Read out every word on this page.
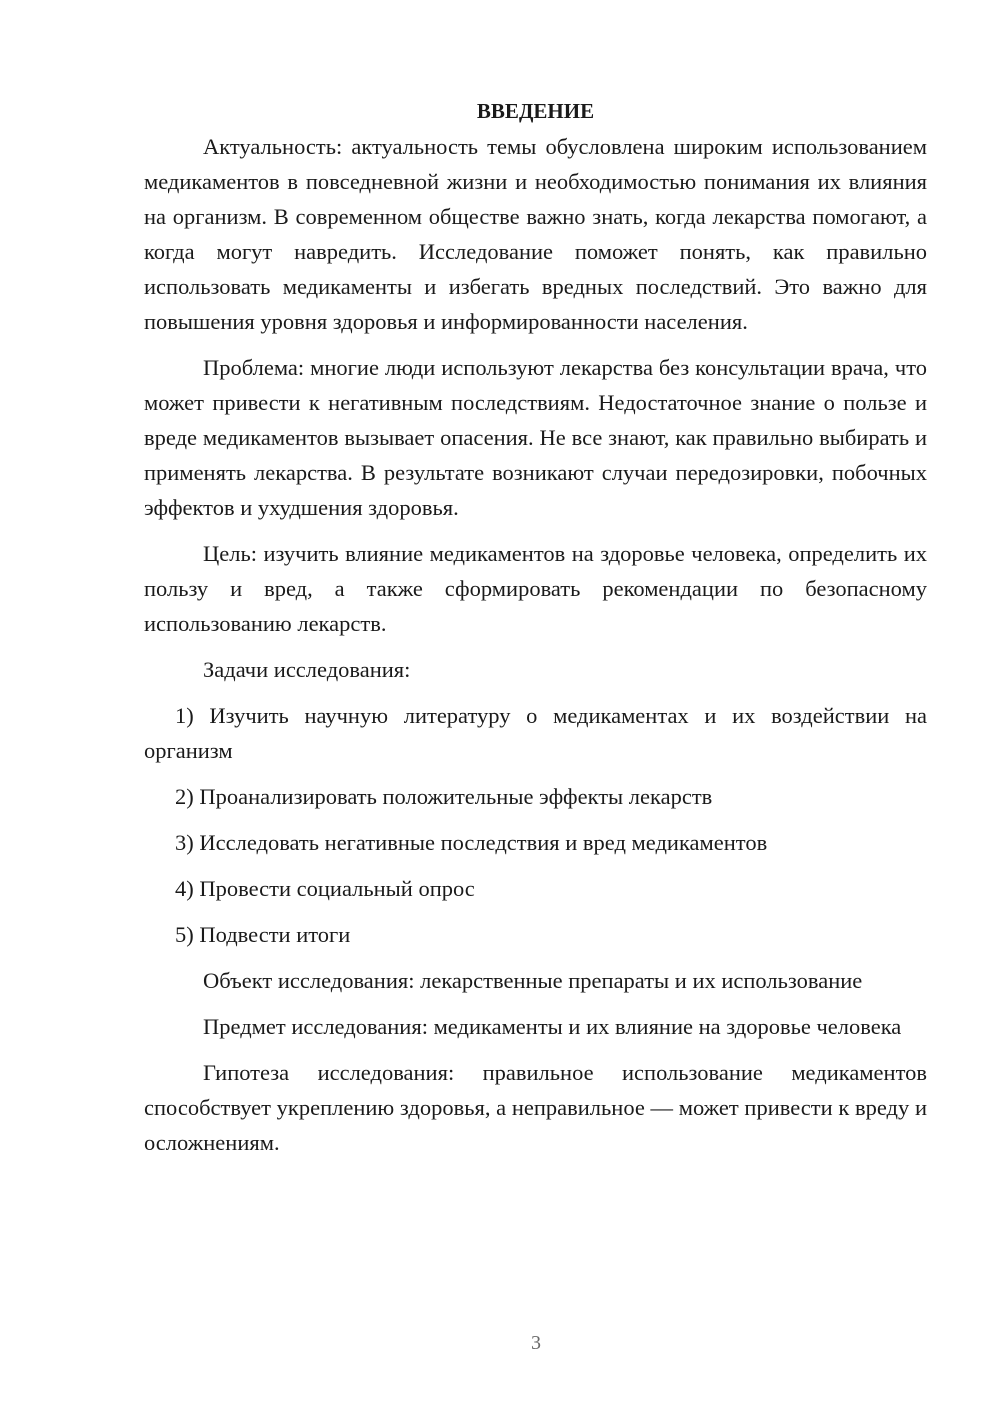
ВВЕДЕНИЕ

Актуальность: актуальность темы обусловлена широким использованием медикаментов в повседневной жизни и необходимостью понимания их влияния на организм. В современном обществе важно знать, когда лекарства помогают, а когда могут навредить. Исследование поможет понять, как правильно использовать медикаменты и избегать вредных последствий. Это важно для повышения уровня здоровья и информированности населения.

Проблема: многие люди используют лекарства без консультации врача, что может привести к негативным последствиям. Недостаточное знание о пользе и вреде медикаментов вызывает опасения. Не все знают, как правильно выбирать и применять лекарства. В результате возникают случаи передозировки, побочных эффектов и ухудшения здоровья.

Цель: изучить влияние медикаментов на здоровье человека, определить их пользу и вред, а также сформировать рекомендации по безопасному использованию лекарств.

Задачи исследования:

1) Изучить научную литературу о медикаментах и их воздействии на организм

2) Проанализировать положительные эффекты лекарств

3) Исследовать негативные последствия и вред медикаментов

4) Провести социальный опрос

5) Подвести итоги

Объект исследования: лекарственные препараты и их использование

Предмет исследования: медикаменты и их влияние на здоровье человека

Гипотеза исследования: правильное использование медикаментов способствует укреплению здоровья, а неправильное — может привести к вреду и осложнениям.

3
